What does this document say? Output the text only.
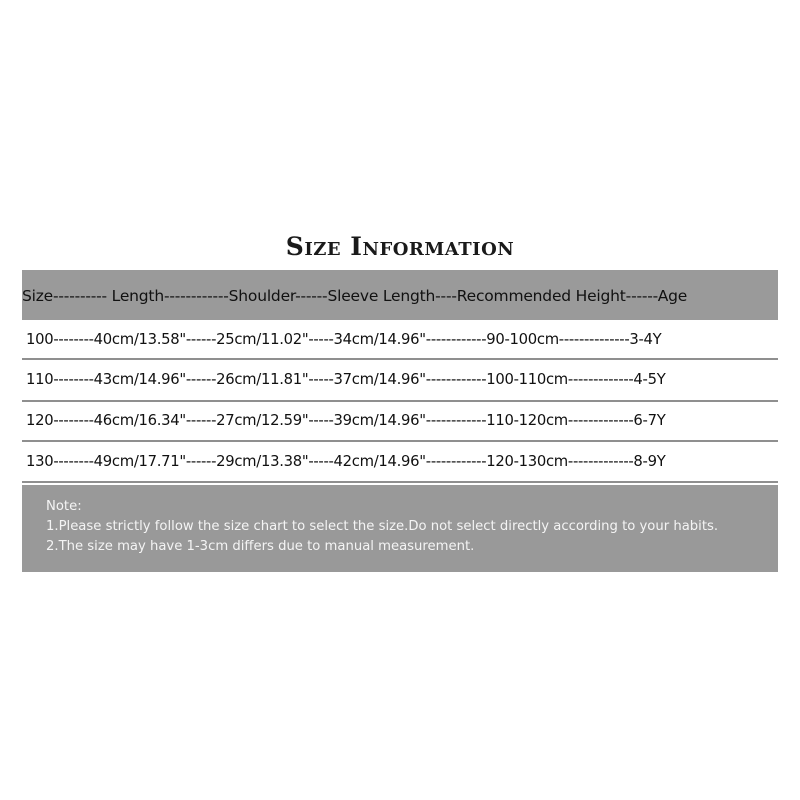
Size Information
Size---------- Length------------Shoulder------Sleeve Length----Recommended Height------Age
100--------40cm/13.58"------25cm/11.02"-----34cm/14.96"------------90-100cm--------------3-4Y
110--------43cm/14.96"------26cm/11.81"-----37cm/14.96"------------100-110cm-------------4-5Y
120--------46cm/16.34"------27cm/12.59"-----39cm/14.96"------------110-120cm-------------6-7Y
130--------49cm/17.71"------29cm/13.38"-----42cm/14.96"------------120-130cm-------------8-9Y
Note:
1.Please strictly follow the size chart to select the size.Do not select directly according to your habits.
2.The size may have 1-3cm differs due to manual measurement.
